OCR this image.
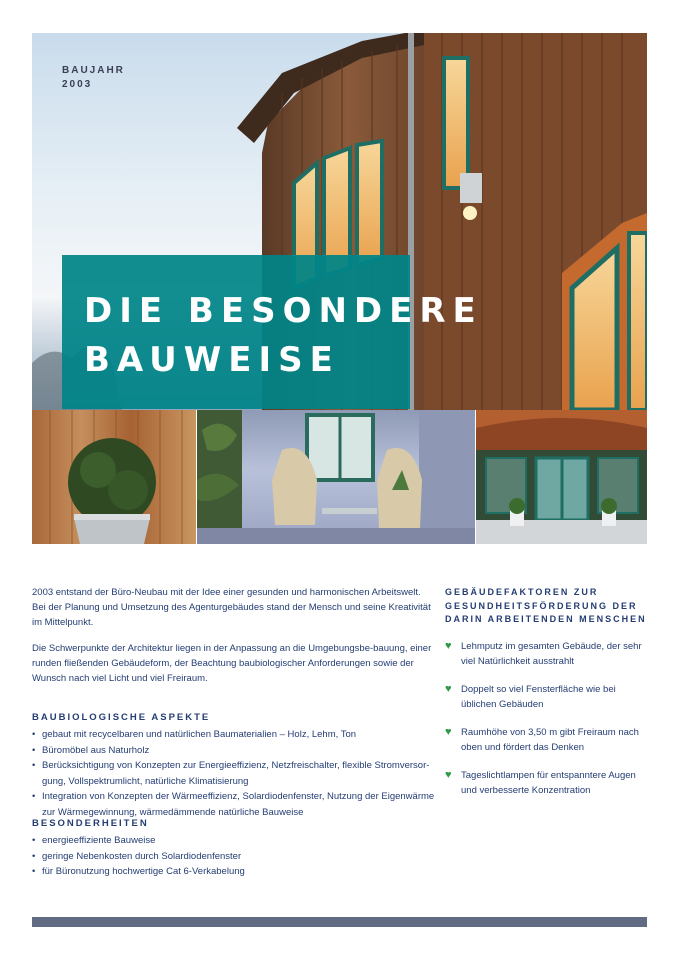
BAUJAHR
2003
DIE BESONDERE
BAUWEISE

2003 entstand der Büro-Neubau mit der Idee einer gesunden und harmonischen Arbeitswelt. Bei der Planung und Umsetzung des Agenturgebäudes stand der Mensch und seine Kreativität im Mittelpunkt.

Die Schwerpunkte der Architektur liegen in der Anpassung an die Umgebungsbe-bauung, einer runden fließenden Gebäudeform, der Beachtung baubiologischer Anforderungen sowie der Wunsch nach viel Licht und viel Freiraum.

BAUBIOLOGISCHE ASPEKTE
• gebaut mit recycelbaren und natürlichen Baumaterialien – Holz, Lehm, Ton
• Büromöbel aus Naturholz
• Berücksichtigung von Konzepten zur Energieeffizienz, Netzfreischalter, flexible Stromversor-gung, Vollspektrumlicht, natürliche Klimatisierung
• Integration von Konzepten der Wärmeeffizienz, Solardiodenfenster, Nutzung der Eigenwärme zur Wärmegewinnung, wärmedämmende natürliche Bauweise
BESONDERHEITEN
• energieeffiziente Bauweise
• geringe Nebenkosten durch Solardiodenfenster
• für Büronutzung hochwertige Cat 6-Verkabelung
GEBÄUDEFAKTOREN ZUR GESUNDHEITSFÖRDERUNG DER DARIN ARBEITENDEN MENSCHEN
♥ Lehmputz im gesamten Gebäude, der sehr viel Natürlichkeit ausstrahlt
♥ Doppelt so viel Fensterfläche wie bei üblichen Gebäuden
♥ Raumhöhe von 3,50 m gibt Freiraum nach oben und fördert das Denken
♥ Tageslichtlampen für entspanntere Augen und verbesserte Konzentration
